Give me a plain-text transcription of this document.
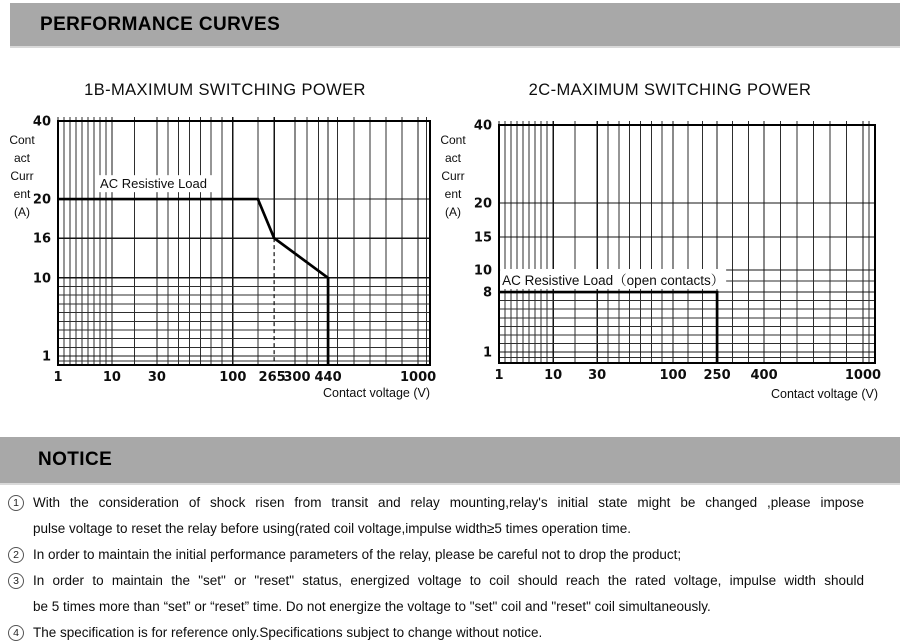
PERFORMANCE CURVES
1B-MAXIMUM SWITCHING POWER	2C-MAXIMUM SWITCHING POWER
Cont
act
Curr
ent
(A)
Cont
act
Curr
ent
(A)
AC Resistive Load
1	10 30	100 265
300 440	1000
40
20
16
10
1
AC Resistive Load（open contacts）
1	10 30	100 250 400	1000
40
20
15
10
8
1
Contact voltage (V)	Contact voltage (V)
NOTICE
1	With the consideration of shock risen from transit and relay mounting,relay's initial state might be changed ,please impose
pulse voltage to reset the relay before using(rated coil voltage,impulse width≥5 times operation time.
2	In order to maintain the initial performance parameters of the relay, please be careful not to drop the product;
3	In order to maintain the "set" or "reset" status, energized voltage to coil should reach the rated voltage, impulse width should
be 5 times more than “set” or “reset” time. Do not energize the voltage to "set" coil and "reset" coil simultaneously.
4	The specification is for reference only.Specifications subject to change without notice.
